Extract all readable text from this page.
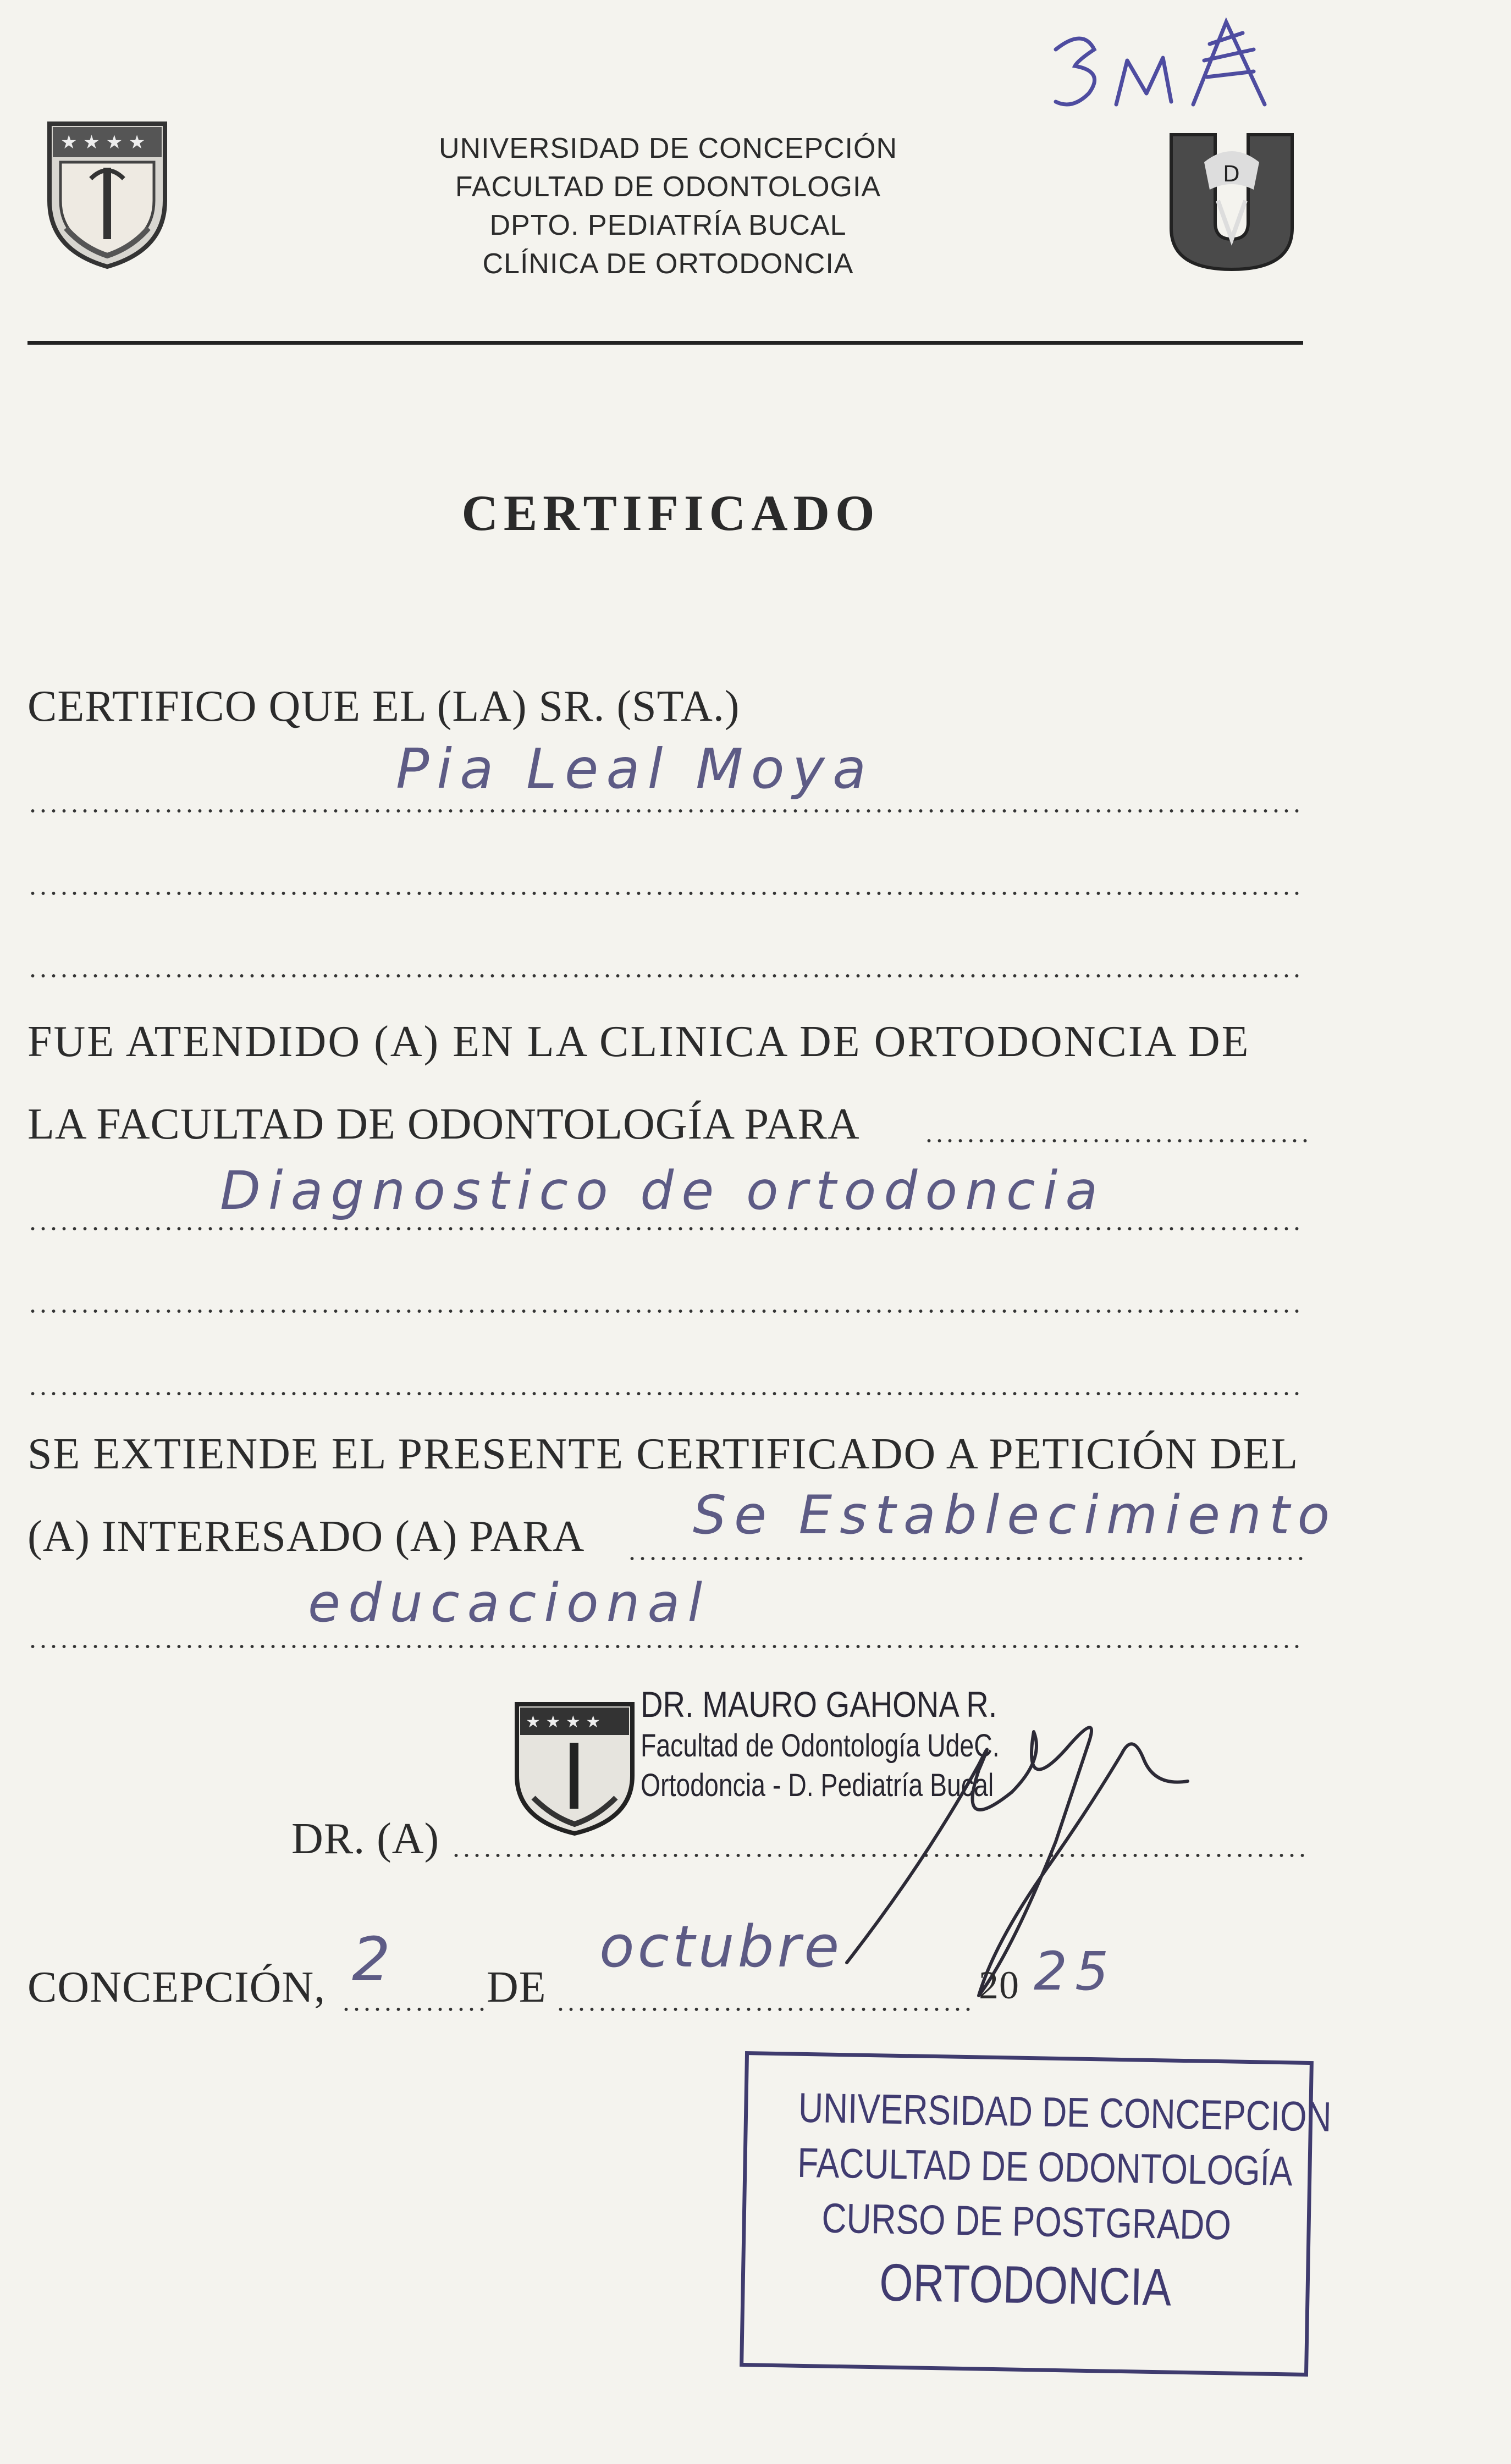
★ ★ ★ ★	UNIVERSIDAD DE CONCEPCIÓN
FACULTAD DE ODONTOLOGIA
DPTO. PEDIATRÍA BUCAL
CLÍNICA DE ORTODONCIA
D
CERTIFICADO
CERTIFICO QUE EL (LA) SR. (STA.)
Pia Leal Moya
FUE ATENDIDO (A) EN LA CLINICA DE ORTODONCIA DE
LA FACULTAD DE ODONTOLOGÍA PARA
Diagnostico de ortodoncia
SE EXTIENDE EL PRESENTE CERTIFICADO A PETICIÓN DEL
(A) INTERESADO (A) PARA Se Establecimiento
educacional
★ ★ ★ ★ DR. MAURO GAHONA R.
Facultad de Odontología UdeC.
Ortodoncia - D. Pediatría Bucal
DR. (A)
CONCEPCIÓN, 2 DE
octubre
20 25
UNIVERSIDAD DE CONCEPCION
FACULTAD DE ODONTOLOGÍA
CURSO DE POSTGRADO
ORTODONCIA
